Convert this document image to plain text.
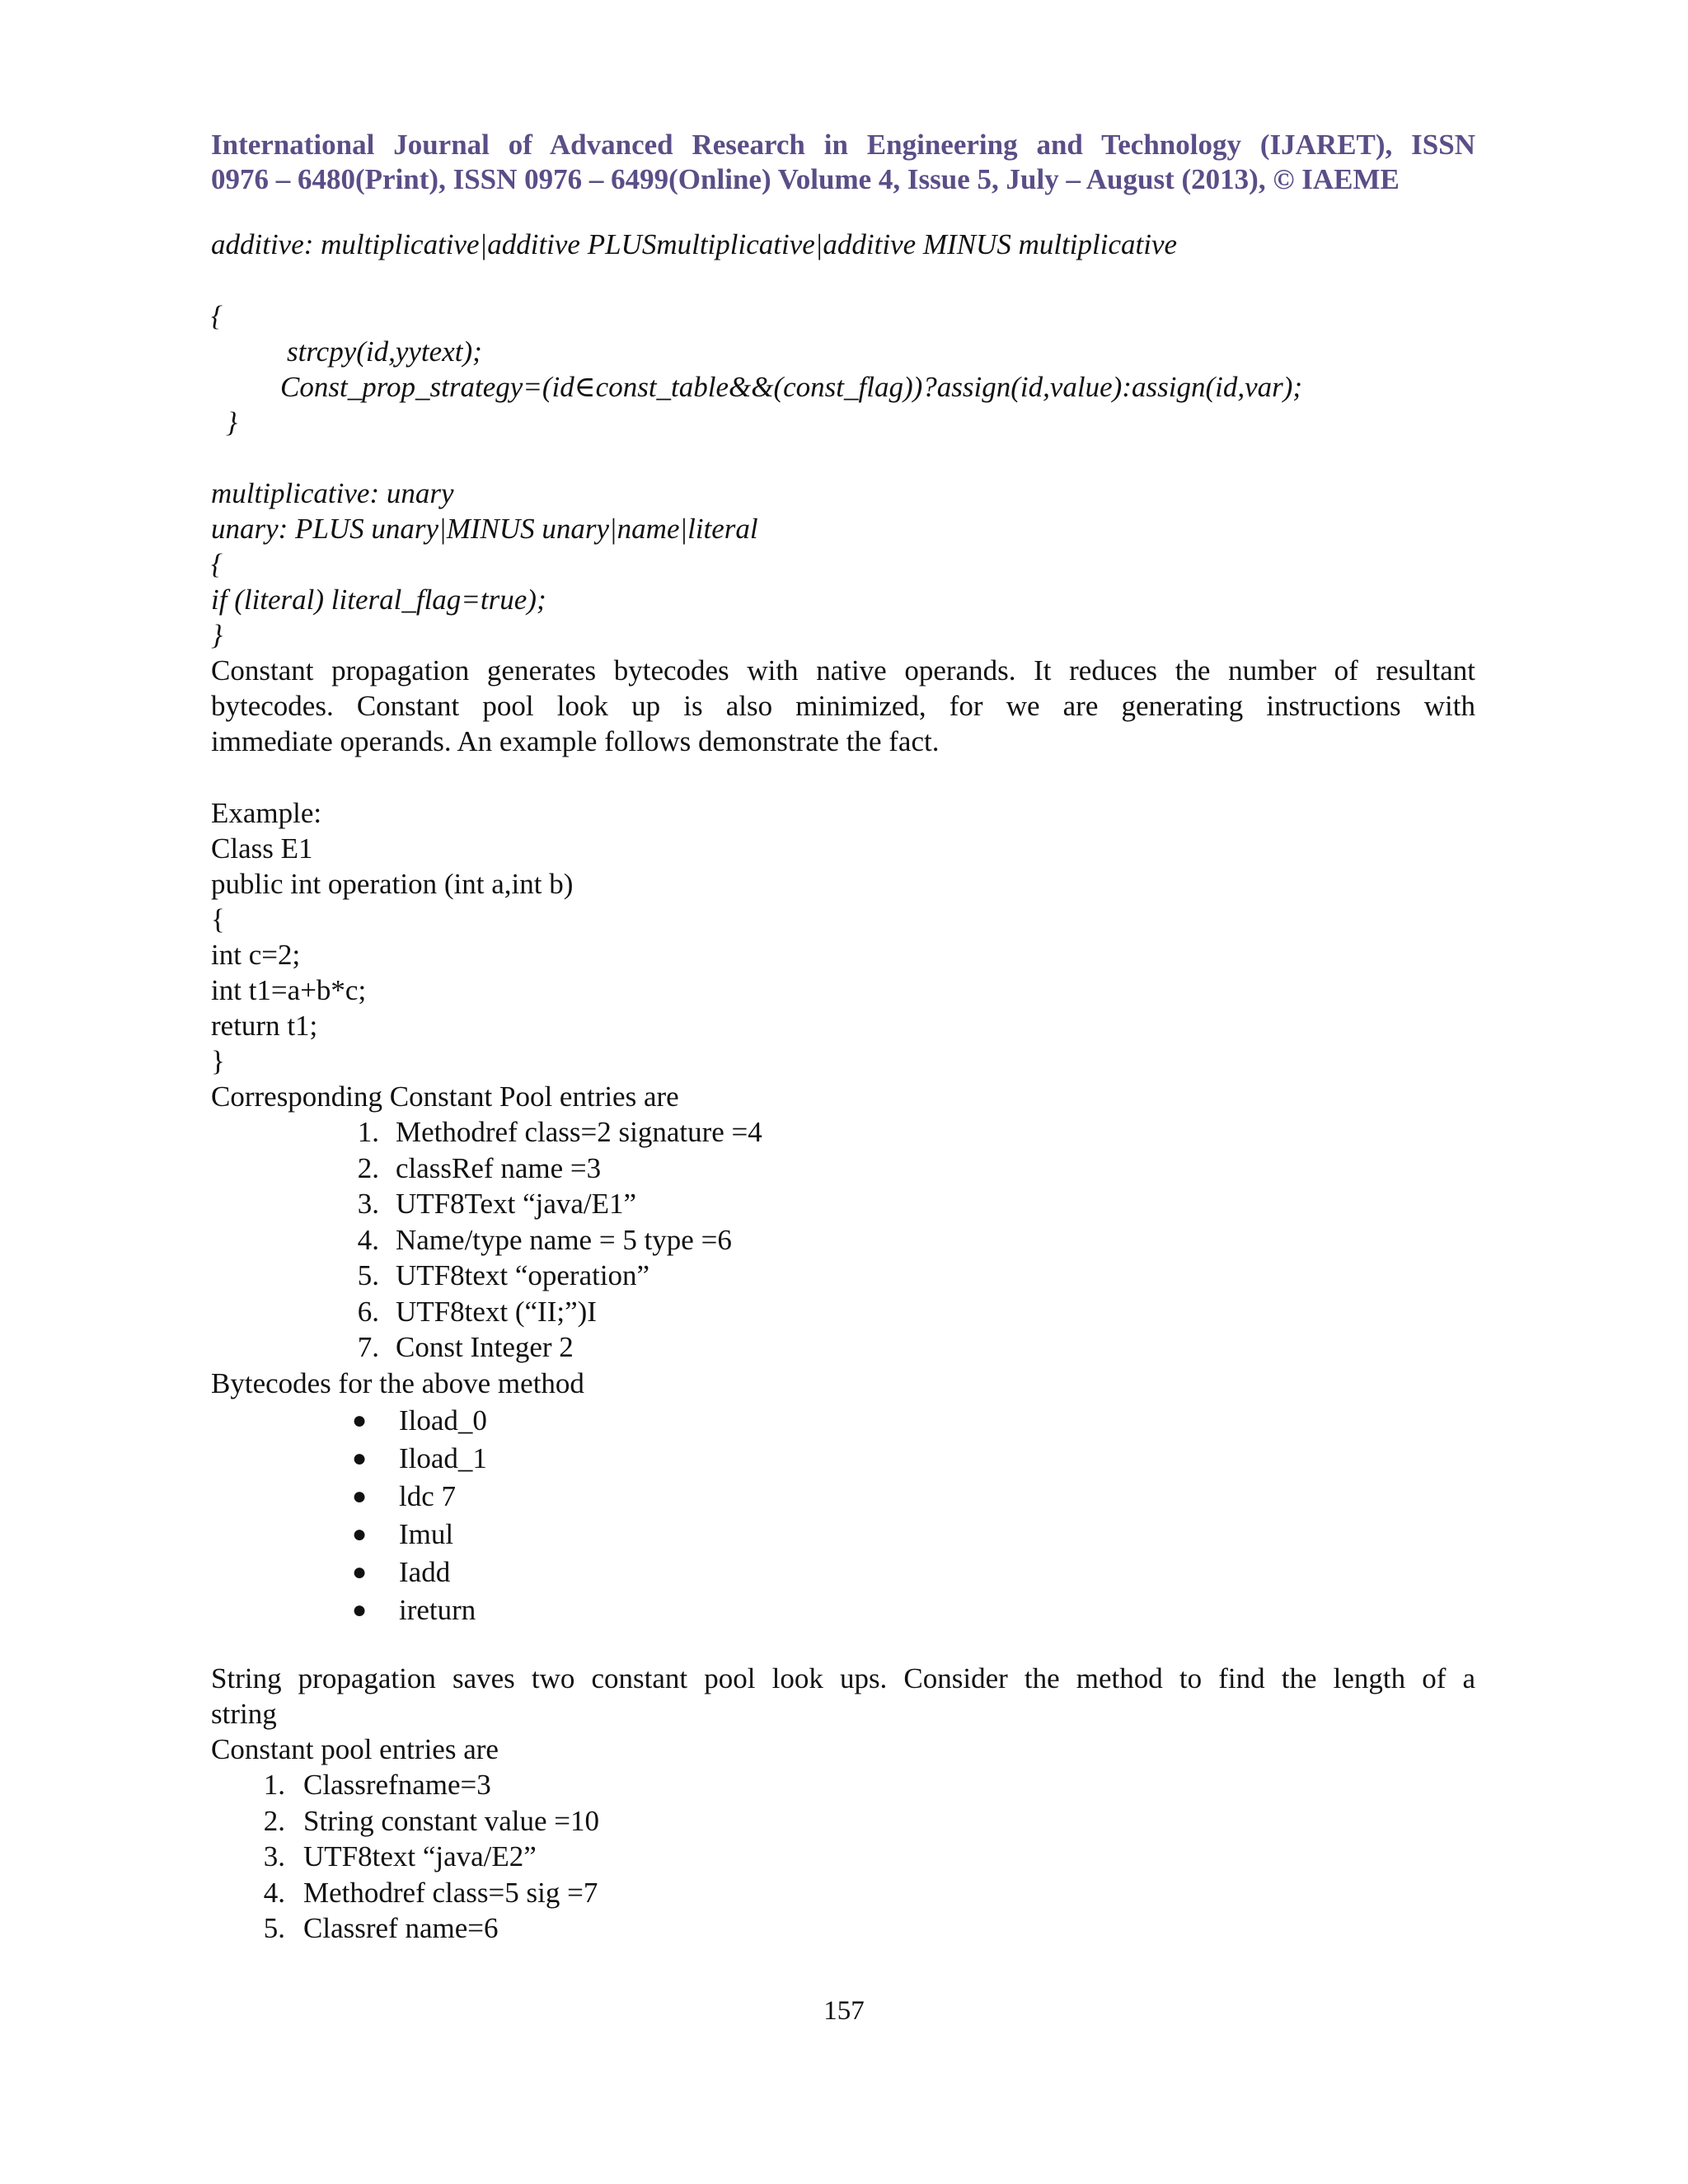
International Journal of Advanced Research in Engineering and Technology (IJARET), ISSN
0976 – 6480(Print), ISSN 0976 – 6499(Online) Volume 4, Issue 5, July – August (2013), © IAEME
additive: multiplicative|additive PLUSmultiplicative|additive MINUS multiplicative
{
strcpy(id,yytext);
Const_prop_strategy=(id∈const_table&&(const_flag))?assign(id,value):assign(id,var);
}
multiplicative: unary
unary: PLUS unary|MINUS unary|name|literal
{
if (literal) literal_flag=true);
}
Constant propagation generates bytecodes with native operands. It reduces the number of resultant
bytecodes. Constant pool look up is also minimized, for we are generating instructions with
immediate operands. An example follows demonstrate the fact.
Example:
Class E1
public int operation (int a,int b)
{
int c=2;
int t1=a+b*c;
return t1;
}
Corresponding Constant Pool entries are
1. Methodref class=2 signature =4
2. classRef name =3
3. UTF8Text “java/E1”
4. Name/type name = 5 type =6
5. UTF8text “operation”
6. UTF8text (“II;”)I
7. Const Integer 2
Bytecodes for the above method
●	Iload_0
●	Iload_1
●	ldc 7
●	Imul
●	Iadd
●	ireturn
String propagation saves two constant pool look ups. Consider the method to find the length of a
string
Constant pool entries are
1. Classrefname=3
2. String constant value =10
3. UTF8text “java/E2”
4. Methodref class=5 sig =7
5. Classref name=6
157
